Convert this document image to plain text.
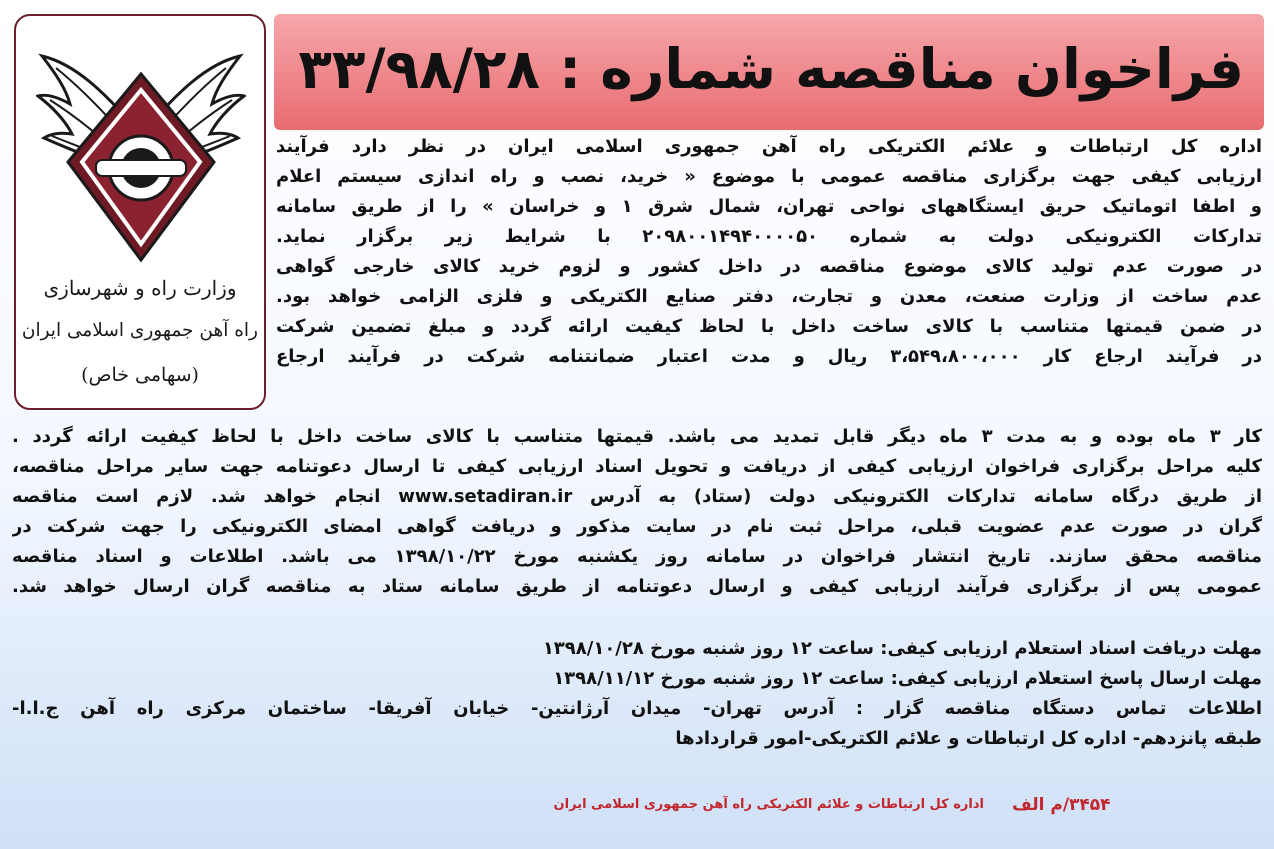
وزارت راه و شهرسازی
راه آهن جمهوری اسلامی ایران
(سهامی خاص)
فراخوان مناقصه شماره : ۳۳/۹۸/۲۸
اداره کل ارتباطات و علائم الکتریکی راه آهن جمهوری اسلامی ایران در نظر دارد فرآیند
ارزیابی کیفی جهت برگزاری مناقصه عمومی با موضوع « خرید، نصب و راه اندازی سیستم اعلام
و اطفا اتوماتیک حریق ایستگاههای نواحی تهران، شمال شرق ۱ و خراسان » را از طریق سامانه
تدارکات الکترونیکی دولت به شماره ۲۰۹۸۰۰۱۴۹۴۰۰۰۰۵۰ با شرایط زیر برگزار نماید.
در صورت عدم تولید کالای موضوع مناقصه در داخل کشور و لزوم خرید کالای خارجی گواهی
عدم ساخت از وزارت صنعت، معدن و تجارت، دفتر صنایع الکتریکی و فلزی الزامی خواهد بود.
در ضمن قیمتها متناسب با کالای ساخت داخل با لحاظ کیفیت ارائه گردد و مبلغ تضمین شرکت
در فرآیند ارجاع کار ۳،۵۴۹،۸۰۰،۰۰۰ ریال و مدت اعتبار ضمانتنامه شرکت در فرآیند ارجاع
کار ۳ ماه بوده و به مدت ۳ ماه دیگر قابل تمدید می باشد. قیمتها متناسب با کالای ساخت داخل با لحاظ کیفیت ارائه گردد .
کلیه مراحل برگزاری فراخوان ارزیابی کیفی از دریافت و تحویل اسناد ارزیابی کیفی تا ارسال دعوتنامه جهت سایر مراحل مناقصه،
از طریق درگاه سامانه تدارکات الکترونیکی دولت (ستاد) به آدرس www.setadiran.ir انجام خواهد شد. لازم است مناقصه
گران در صورت عدم عضویت قبلی، مراحل ثبت نام در سایت مذکور و دریافت گواهی امضای الکترونیکی را جهت شرکت در
مناقصه محقق سازند. تاریخ انتشار فراخوان در سامانه روز یکشنبه مورخ ۱۳۹۸/۱۰/۲۲ می باشد. اطلاعات و اسناد مناقصه
عمومی پس از برگزاری فرآیند ارزیابی کیفی و ارسال دعوتنامه از طریق سامانه ستاد به مناقصه گران ارسال خواهد شد.
مهلت دریافت اسناد استعلام ارزیابی کیفی: ساعت ۱۲ روز شنبه مورخ ۱۳۹۸/۱۰/۲۸
مهلت ارسال پاسخ استعلام ارزیابی کیفی: ساعت ۱۲ روز شنبه مورخ ۱۳۹۸/۱۱/۱۲
اطلاعات تماس دستگاه مناقصه گزار : آدرس تهران- میدان آرژانتین- خیابان آفریقا- ساختمان مرکزی راه آهن ج.ا.ا-
طبقه پانزدهم- اداره کل ارتباطات و علائم الکتریکی-امور قراردادها
اداره کل ارتباطات و علائم الکتریکی راه آهن جمهوری اسلامی ایران ۳۴۵۴/م الف
